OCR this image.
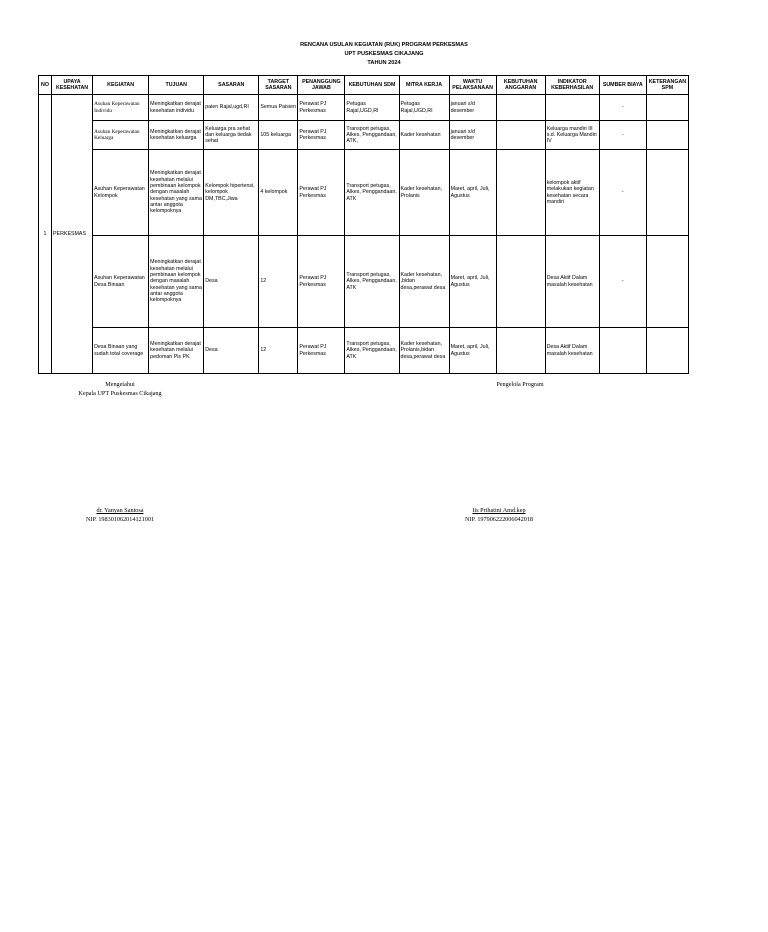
RENCANA USULAN KEGIATAN (RUK) PROGRAM PERKESMAS
UPT PUSKESMAS CIKAJANG
TAHUN 2024
NO	UPAYA KESEHATAN	KEGIATAN	TUJUAN	SASARAN	TARGET SASARAN	PENANGGUNG JAWAB	KEBUTUHAN SDM	MITRA KERJA	WAKTU PELAKSANAAN	KEBUTUHAN ANGGARAN	INDIKATOR KEBERHASILAN	SUMBER BIAYA	KETERANGAN SPM
1	PERKESMAS	Asuhan Keperawatan Individu	Meningkatkan derajat kesehatan individu	paien Rajal,ugd,RI	Semua Paisien	Perawat PJ Perkesmas	Petugas Rajal,UGD,RI	Petugas Rajal,UGD,RI	januari s/d desember			-	
		Asuhan Keperawatan Keluarga	Meningkatkan derajat kesehatan keluarga	Keluarga pra sehat dan keluarga tiedak sehat	105 keluarga	Perawat PJ Perkesmas	Transport petugas, Alkes, Penggandaan, ATK,	Kader kesehatan	januari s/d desember		Keluarga mandiri III s.d. Keluarga Mandiri IV	-	
		Asuhan Keperawatan Kelompok	Meningkatkan derajat kesehatan melalui pembinaan kelompok dengan masalah kesehatan yang sama antar anggota kelompoknya	Kelompok hipertensi, kelompok DM,TBC,Jiwa	4 kelompok	Perawat PJ Perkesmas	Transport petugas, Alkes, Penggandaan, ATK	Kader kesehatan, Prolanis	Maret, april, Juli, Agustus		kelompok aktif melakukan kegiatan kesehatan secara mandiri	-	
		Asuhan Keperawatan Desa Binaan	Meningkatkan derajat kesehatan melalui pembinaan kelompok dengan masalah kesehatan yang sama antar anggota kelompoknya	Desa	12	Perawat PJ Perkesmas	Transport petugas, Alkes, Penggandaan, ATK	Kader kesehatan, ,bidan desa,perawat desa	Maret, april, Juli, Agustus		Desa Aktif Dalam masalah kesehatan	-	
		Desa Binaan yang sudah total coverage	Meningkatkan derajat kesehatan melalui pedoman Pis PK	Desa	12	Perawat PJ Perkesmas	Transport petugas, Alkes, Penggandaan, ATK	Kader kesehatan, Prolanis,bidan desa,perawat desa	Maret, april, Juli, Agustus		Desa Aktif Dalam masalah kesehatan		
Mengetahui
Kepala UPT Puskesmas Cikajang
Pengelola Program
dr. Yanyan Santosa
NIP. 198301062014121001
Iis Prihatini Amd.kep
NIP. 197906222006042018
